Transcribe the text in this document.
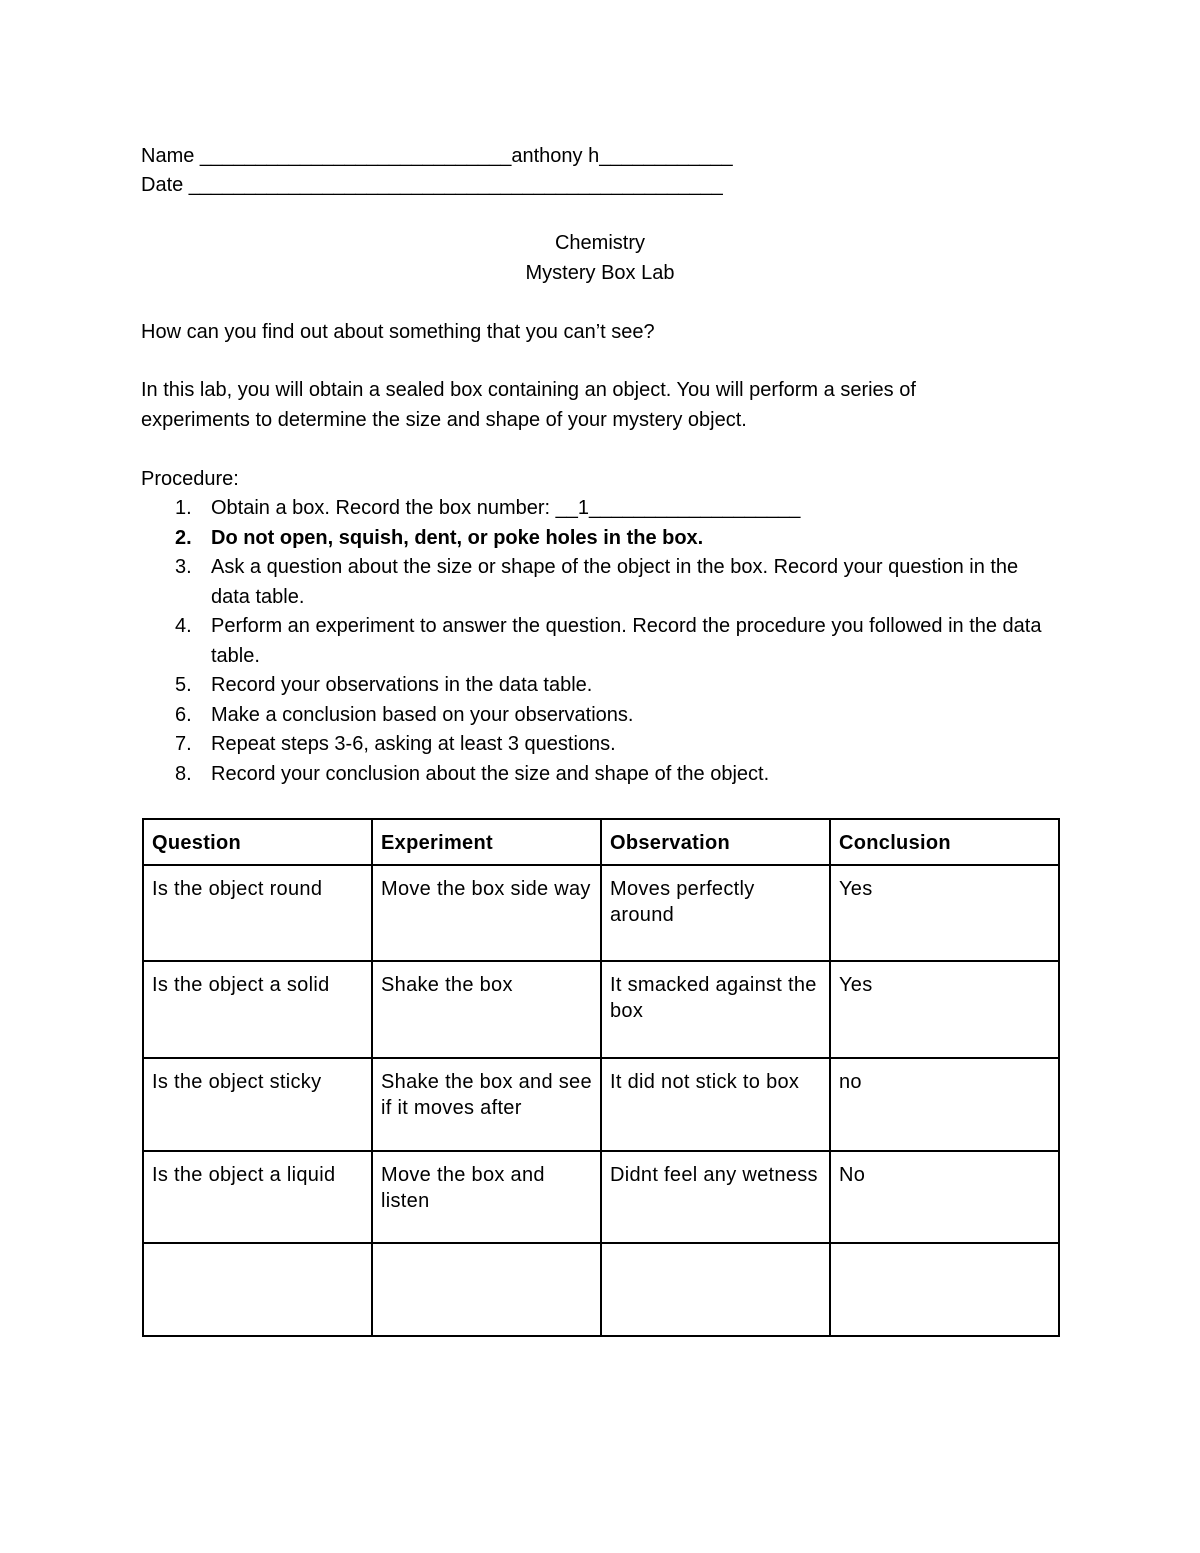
Name ____________________________anthony h____________
Date ________________________________________________
Chemistry
Mystery Box Lab
How can you find out about something that you can’t see?
In this lab, you will obtain a sealed box containing an object. You will perform a series of experiments to determine the size and shape of your mystery object.
Procedure:
1. Obtain a box. Record the box number: __1___________________
2. Do not open, squish, dent, or poke holes in the box.
3. Ask a question about the size or shape of the object in the box. Record your question in the data table.
4. Perform an experiment to answer the question. Record the procedure you followed in the data table.
5. Record your observations in the data table.
6. Make a conclusion based on your observations.
7. Repeat steps 3-6, asking at least 3 questions.
8. Record your conclusion about the size and shape of the object.
Question	Experiment	Observation	Conclusion
Is the object round	Move the box side way	Moves perfectly around	Yes
Is the object a solid	Shake the box	It smacked against the box	Yes
Is the object sticky	Shake the box and see if it moves after	It did not stick to box	no
Is the object a liquid	Move the box and listen	Didnt feel any wetness	No
